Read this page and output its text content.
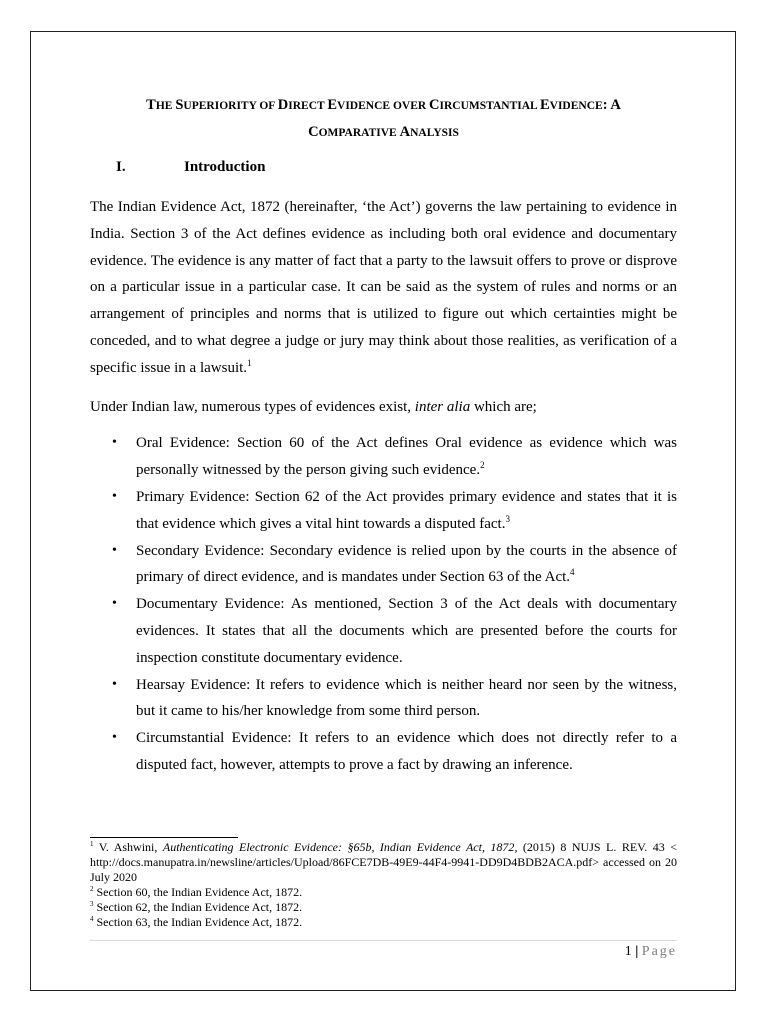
THE SUPERIORITY OF DIRECT EVIDENCE OVER CIRCUMSTANTIAL EVIDENCE: A
COMPARATIVE ANALYSIS
I.	Introduction

The Indian Evidence Act, 1872 (hereinafter, ‘the Act’) governs the law pertaining to evidence in India. Section 3 of the Act defines evidence as including both oral evidence and documentary evidence. The evidence is any matter of fact that a party to the lawsuit offers to prove or disprove on a particular issue in a particular case. It can be said as the system of rules and norms or an arrangement of principles and norms that is utilized to figure out which certainties might be conceded, and to what degree a judge or jury may think about those realities, as verification of a specific issue in a lawsuit.$^1$

Under Indian law, numerous types of evidences exist, inter alia which are;

• Oral Evidence: Section 60 of the Act defines Oral evidence as evidence which was personally witnessed by the person giving such evidence.$^2$
• Primary Evidence: Section 62 of the Act provides primary evidence and states that it is that evidence which gives a vital hint towards a disputed fact.$^3$
• Secondary Evidence: Secondary evidence is relied upon by the courts in the absence of primary of direct evidence, and is mandates under Section 63 of the Act.$^4$
• Documentary Evidence: As mentioned, Section 3 of the Act deals with documentary evidences. It states that all the documents which are presented before the courts for inspection constitute documentary evidence.
• Hearsay Evidence: It refers to evidence which is neither heard nor seen by the witness, but it came to his/her knowledge from some third person.
• Circumstantial Evidence: It refers to an evidence which does not directly refer to a disputed fact, however, attempts to prove a fact by drawing an inference.
$^1$ V. Ashwini, Authenticating Electronic Evidence: §65b, Indian Evidence Act, 1872, (2015) 8 NUJS L. REV. 43 < http://docs.manupatra.in/newsline/articles/Upload/86FCE7DB-49E9-44F4-9941-DD9D4BDB2ACA.pdf> accessed on 20 July 2020
$^2$ Section 60, the Indian Evidence Act, 1872.
$^3$ Section 62, the Indian Evidence Act, 1872.
$^4$ Section 63, the Indian Evidence Act, 1872.
1 | Page
